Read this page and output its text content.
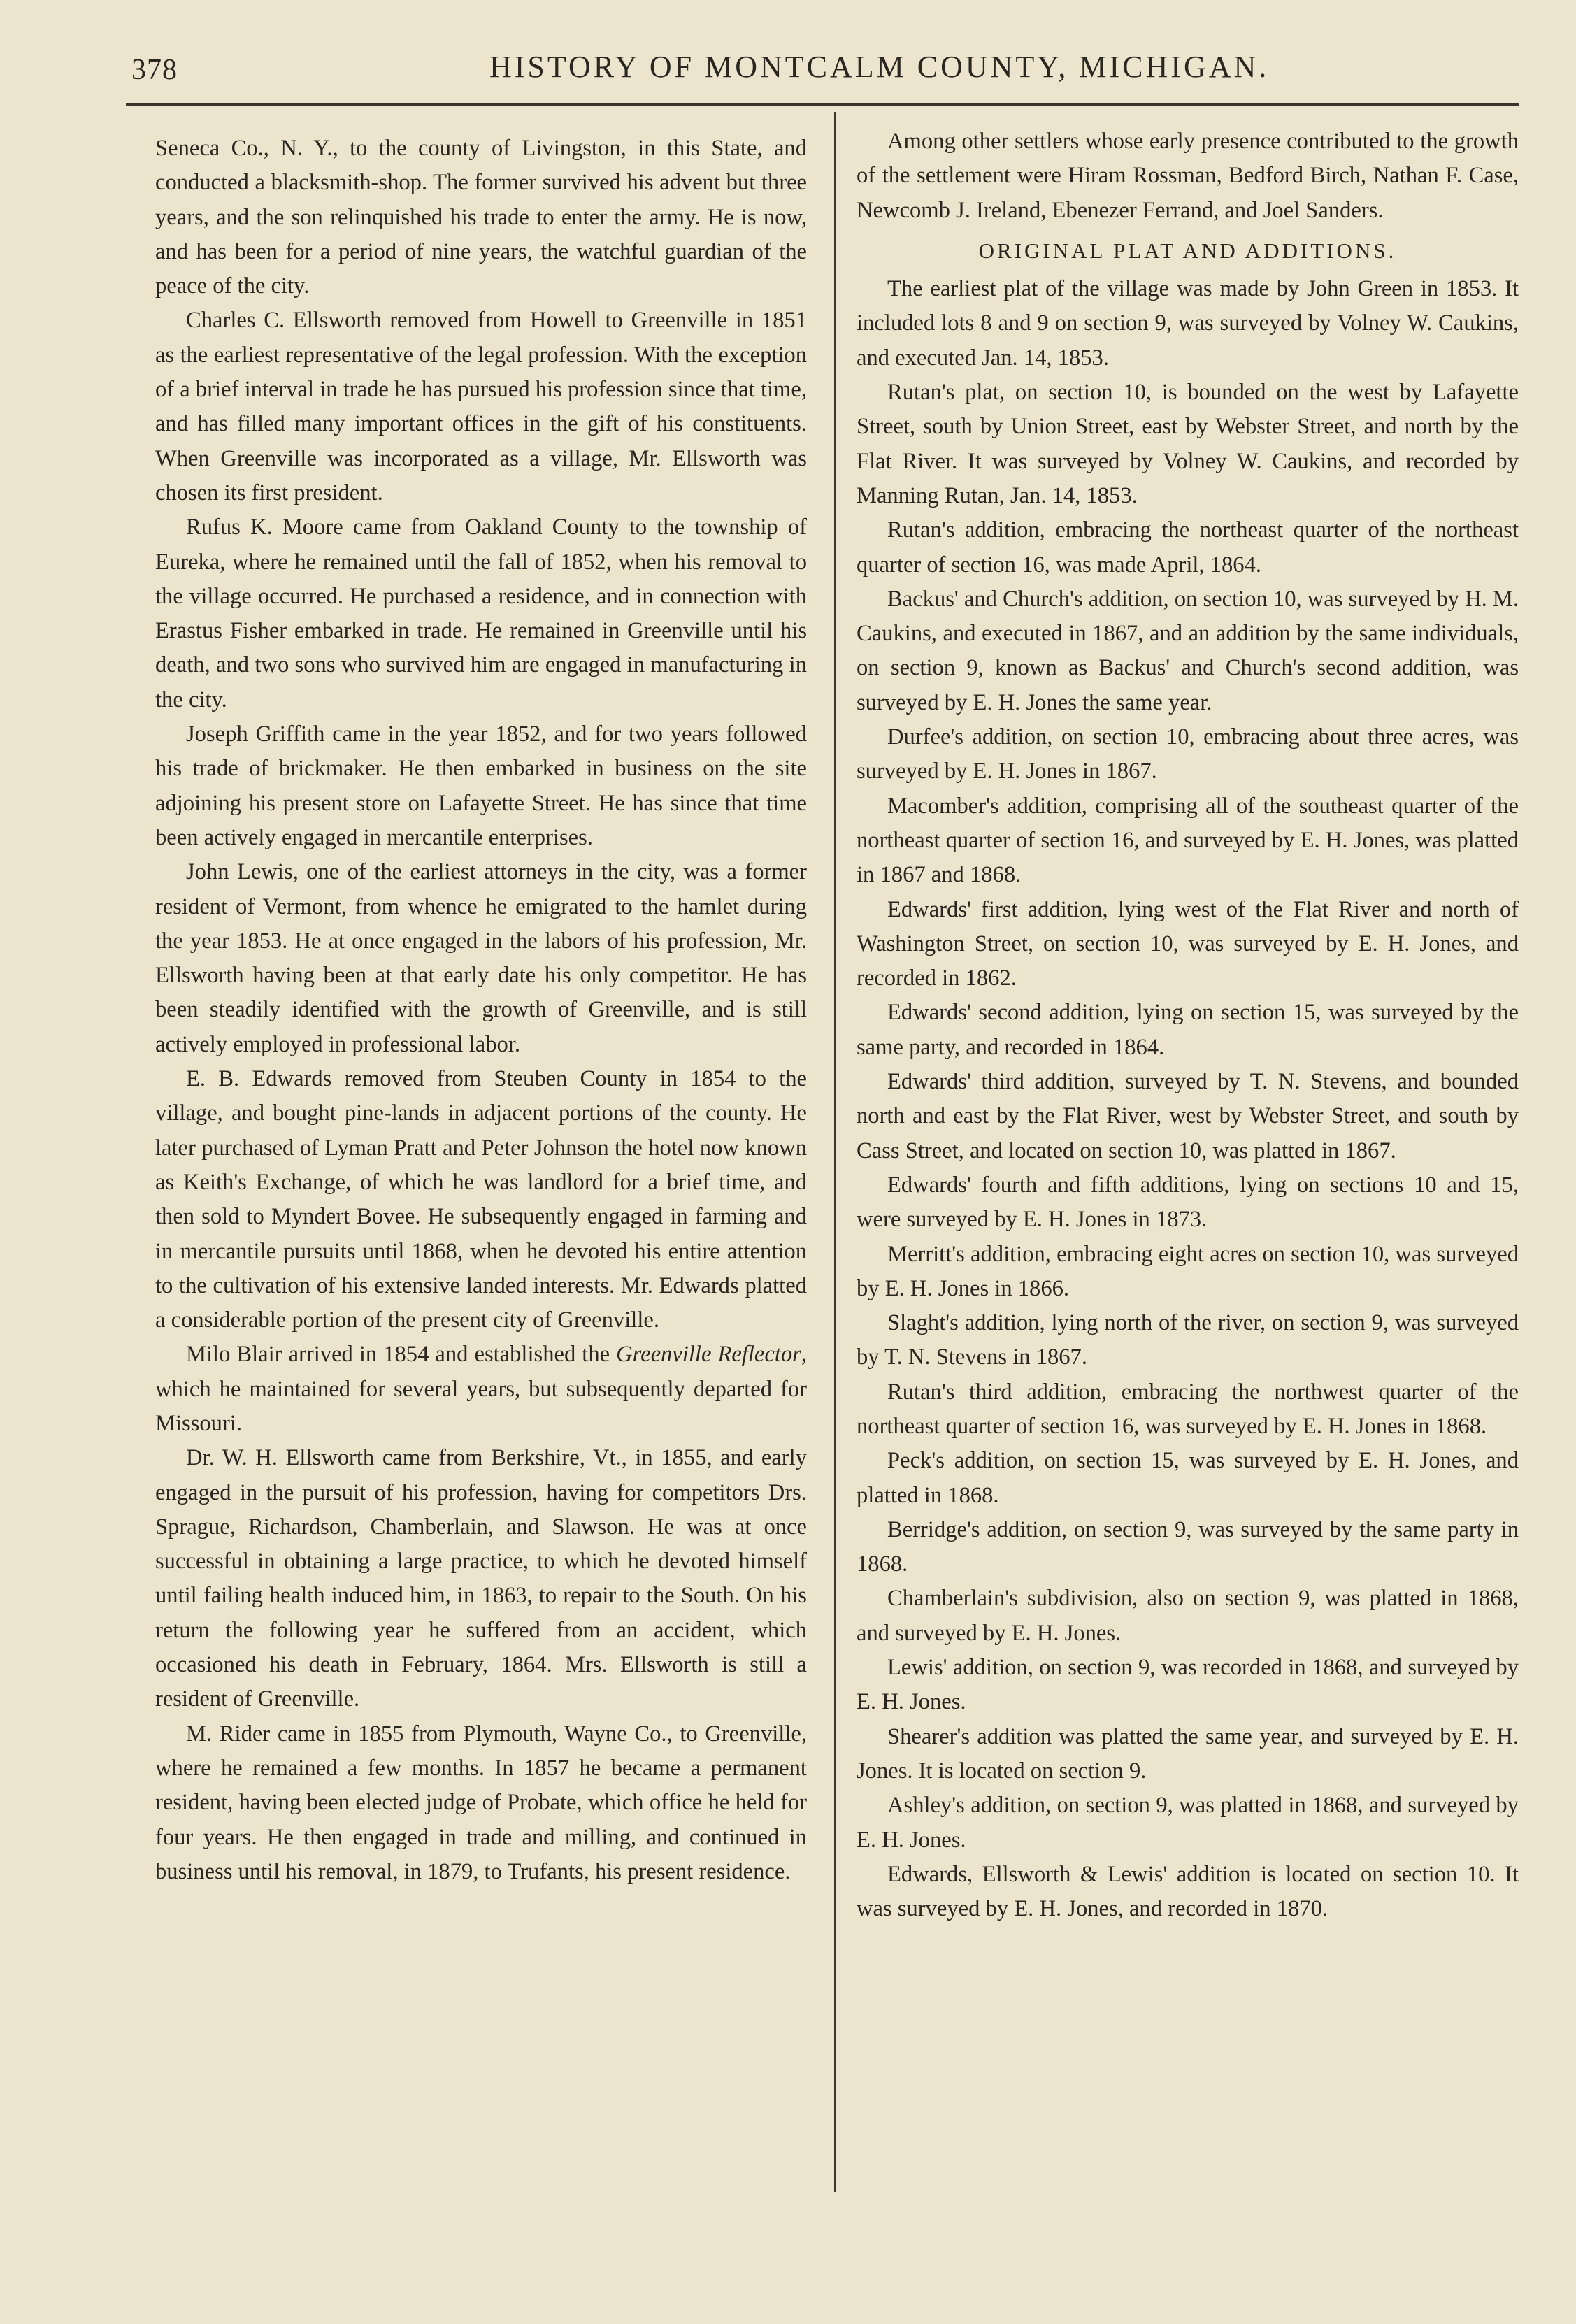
378	HISTORY OF MONTCALM COUNTY, MICHIGAN.

Seneca Co., N. Y., to the county of Livingston, in this State, and conducted a blacksmith-shop. The former survived his advent but three years, and the son relinquished his trade to enter the army. He is now, and has been for a period of nine years, the watchful guardian of the peace of the city.

Charles C. Ellsworth removed from Howell to Greenville in 1851 as the earliest representative of the legal profession. With the exception of a brief interval in trade he has pursued his profession since that time, and has filled many important offices in the gift of his constituents. When Greenville was incorporated as a village, Mr. Ellsworth was chosen its first president.

Rufus K. Moore came from Oakland County to the township of Eureka, where he remained until the fall of 1852, when his removal to the village occurred. He purchased a residence, and in connection with Erastus Fisher embarked in trade. He remained in Greenville until his death, and two sons who survived him are engaged in manufacturing in the city.

Joseph Griffith came in the year 1852, and for two years followed his trade of brickmaker. He then embarked in business on the site adjoining his present store on Lafayette Street. He has since that time been actively engaged in mercantile enterprises.

John Lewis, one of the earliest attorneys in the city, was a former resident of Vermont, from whence he emigrated to the hamlet during the year 1853. He at once engaged in the labors of his profession, Mr. Ellsworth having been at that early date his only competitor. He has been steadily identified with the growth of Greenville, and is still actively employed in professional labor.

E. B. Edwards removed from Steuben County in 1854 to the village, and bought pine-lands in adjacent portions of the county. He later purchased of Lyman Pratt and Peter Johnson the hotel now known as Keith's Exchange, of which he was landlord for a brief time, and then sold to Myndert Bovee. He subsequently engaged in farming and in mercantile pursuits until 1868, when he devoted his entire attention to the cultivation of his extensive landed interests. Mr. Edwards platted a considerable portion of the present city of Greenville.

Milo Blair arrived in 1854 and established the Greenville Reflector, which he maintained for several years, but subsequently departed for Missouri.

Dr. W. H. Ellsworth came from Berkshire, Vt., in 1855, and early engaged in the pursuit of his profession, having for competitors Drs. Sprague, Richardson, Chamberlain, and Slawson. He was at once successful in obtaining a large practice, to which he devoted himself until failing health induced him, in 1863, to repair to the South. On his return the following year he suffered from an accident, which occasioned his death in February, 1864. Mrs. Ellsworth is still a resident of Greenville.

M. Rider came in 1855 from Plymouth, Wayne Co., to Greenville, where he remained a few months. In 1857 he became a permanent resident, having been elected judge of Probate, which office he held for four years. He then engaged in trade and milling, and continued in business until his removal, in 1879, to Trufants, his present residence.

Among other settlers whose early presence contributed to the growth of the settlement were Hiram Rossman, Bedford Birch, Nathan F. Case, Newcomb J. Ireland, Ebenezer Ferrand, and Joel Sanders.

ORIGINAL PLAT AND ADDITIONS.

The earliest plat of the village was made by John Green in 1853. It included lots 8 and 9 on section 9, was surveyed by Volney W. Caukins, and executed Jan. 14, 1853.

Rutan's plat, on section 10, is bounded on the west by Lafayette Street, south by Union Street, east by Webster Street, and north by the Flat River. It was surveyed by Volney W. Caukins, and recorded by Manning Rutan, Jan. 14, 1853.

Rutan's addition, embracing the northeast quarter of the northeast quarter of section 16, was made April, 1864.

Backus' and Church's addition, on section 10, was surveyed by H. M. Caukins, and executed in 1867, and an addition by the same individuals, on section 9, known as Backus' and Church's second addition, was surveyed by E. H. Jones the same year.

Durfee's addition, on section 10, embracing about three acres, was surveyed by E. H. Jones in 1867.

Macomber's addition, comprising all of the southeast quarter of the northeast quarter of section 16, and surveyed by E. H. Jones, was platted in 1867 and 1868.

Edwards' first addition, lying west of the Flat River and north of Washington Street, on section 10, was surveyed by E. H. Jones, and recorded in 1862.

Edwards' second addition, lying on section 15, was surveyed by the same party, and recorded in 1864.

Edwards' third addition, surveyed by T. N. Stevens, and bounded north and east by the Flat River, west by Webster Street, and south by Cass Street, and located on section 10, was platted in 1867.

Edwards' fourth and fifth additions, lying on sections 10 and 15, were surveyed by E. H. Jones in 1873.

Merritt's addition, embracing eight acres on section 10, was surveyed by E. H. Jones in 1866.

Slaght's addition, lying north of the river, on section 9, was surveyed by T. N. Stevens in 1867.

Rutan's third addition, embracing the northwest quarter of the northeast quarter of section 16, was surveyed by E. H. Jones in 1868.

Peck's addition, on section 15, was surveyed by E. H. Jones, and platted in 1868.

Berridge's addition, on section 9, was surveyed by the same party in 1868.

Chamberlain's subdivision, also on section 9, was platted in 1868, and surveyed by E. H. Jones.

Lewis' addition, on section 9, was recorded in 1868, and surveyed by E. H. Jones.

Shearer's addition was platted the same year, and surveyed by E. H. Jones. It is located on section 9.

Ashley's addition, on section 9, was platted in 1868, and surveyed by E. H. Jones.

Edwards, Ellsworth & Lewis' addition is located on section 10. It was surveyed by E. H. Jones, and recorded in 1870.
